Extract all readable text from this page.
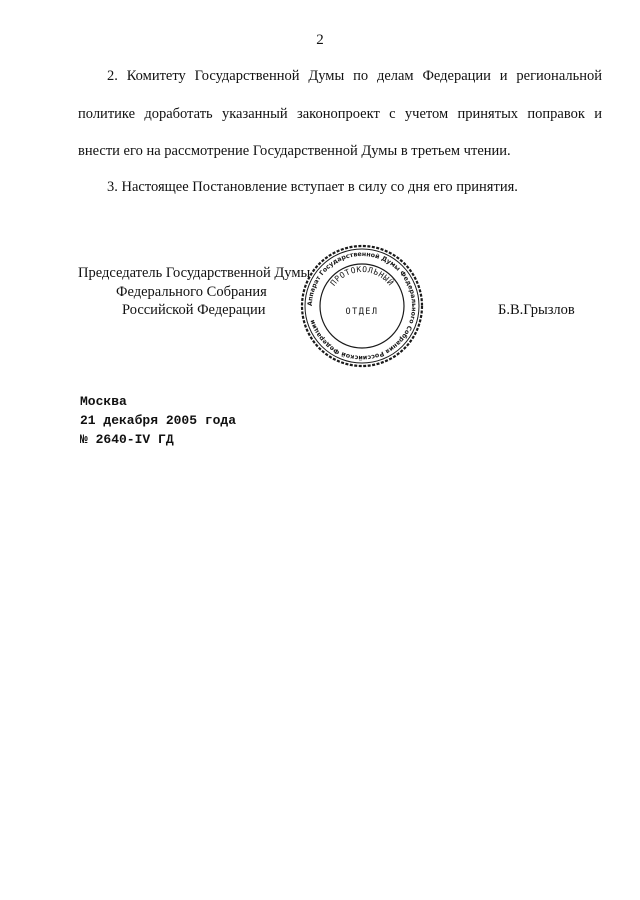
2
2. Комитету Государственной Думы по делам Федерации и региональной
политике доработать указанный законопроект с учетом принятых поправок и
внести его на рассмотрение Государственной Думы в третьем чтении.
3. Настоящее Постановление вступает в силу со дня его принятия.
Председатель Государственной Думы
Федерального Собрания
Российской Федерации	Б.В.Грызлов
Аппарат Государственной Думы Федерального Собрания Российской Федерации
ПРОТОКОЛЬНЫЙ
ОТДЕЛ
Москва
21 декабря 2005 года
№ 2640-IV ГД
